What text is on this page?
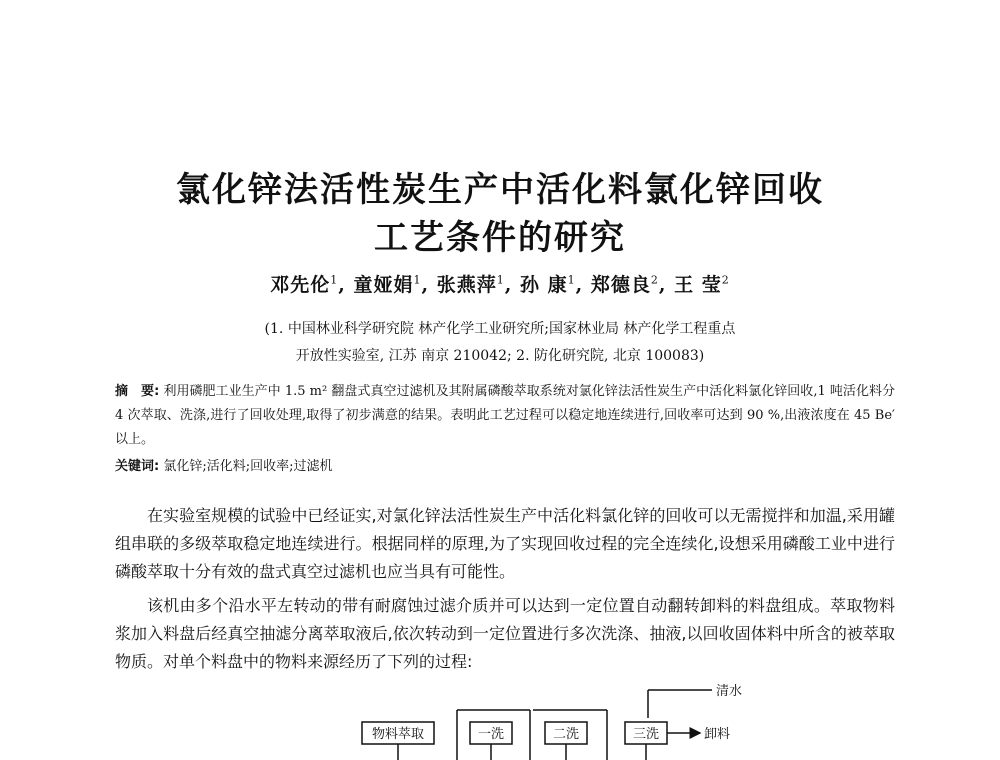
氯化锌法活性炭生产中活化料氯化锌回收
工艺条件的研究
邓先伦$^1$, 童娅娟$^1$, 张燕萍$^1$, 孙 康$^1$, 郑德良$^2$, 王 莹$^2$
(1. 中国林业科学研究院 林产化学工业研究所;国家林业局 林产化学工程重点
开放性实验室, 江苏 南京 210042; 2. 防化研究院, 北京 100083)

摘　要: 利用磷肥工业生产中 1.5 m² 翻盘式真空过滤机及其附属磷酸萃取系统对氯化锌法活性炭生产中活化料氯化锌回收,1 吨活化料分 4 次萃取、洗涤,进行了回收处理,取得了初步满意的结果。表明此工艺过程可以稳定地连续进行,回收率可达到 90 %,出液浓度在 45 Be′ 以上。

关键词: 氯化锌;活化料;回收率;过滤机

在实验室规模的试验中已经证实,对氯化锌法活性炭生产中活化料氯化锌的回收可以无需搅拌和加温,采用罐组串联的多级萃取稳定地连续进行。根据同样的原理,为了实现回收过程的完全连续化,设想采用磷酸工业中进行磷酸萃取十分有效的盘式真空过滤机也应当具有可能性。

该机由多个沿水平左转动的带有耐腐蚀过滤介质并可以达到一定位置自动翻转卸料的料盘组成。萃取物料浆加入料盘后经真空抽滤分离萃取液后,依次转动到一定位置进行多次洗涤、抽液,以回收固体料中所含的被萃取物质。对单个料盘中的物料来源经历了下列的过程:

清水
物料萃取	一洗	二洗	三洗	卸料
